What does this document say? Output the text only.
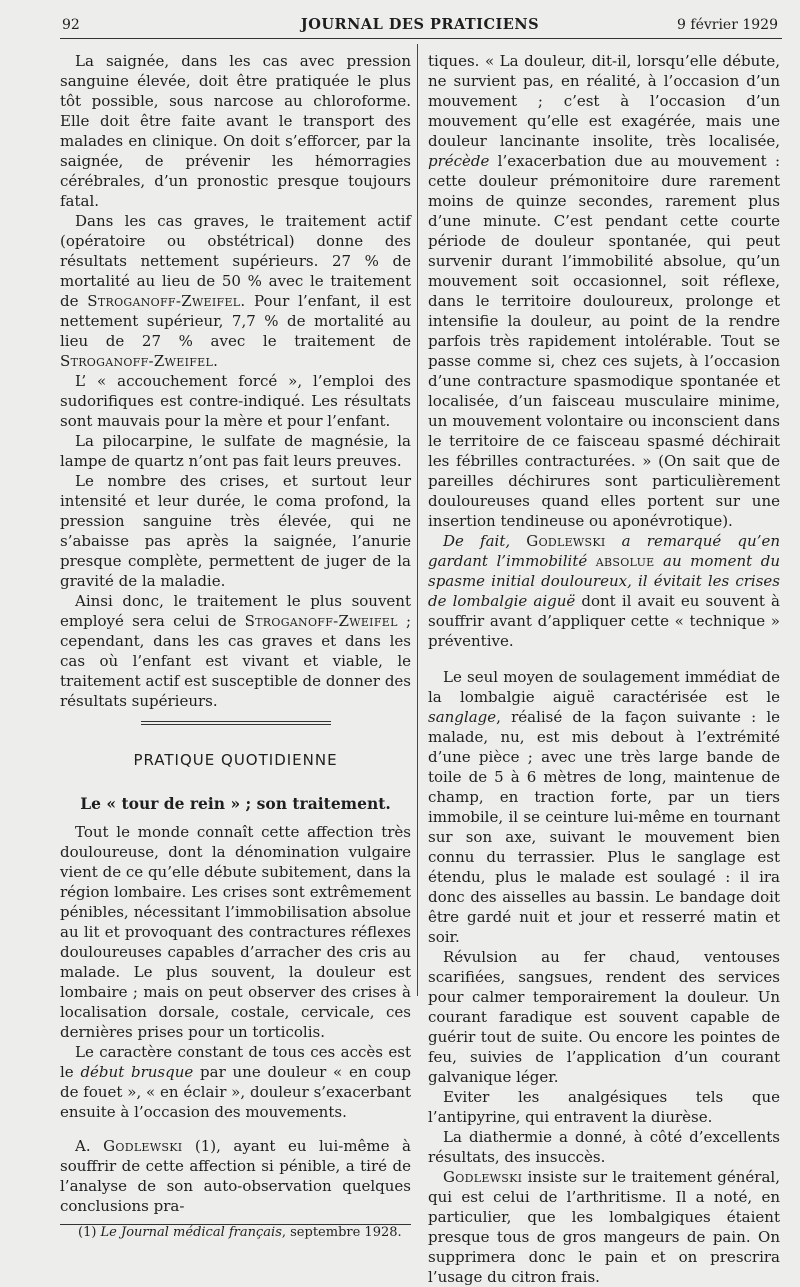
92	JOURNAL DES PRATICIENS	9 février 1929

La saignée, dans les cas avec pression sanguine élevée, doit être pratiquée le plus tôt possible, sous narcose au chloroforme. Elle doit être faite avant le transport des malades en clinique. On doit s’efforcer, par la saignée, de prévenir les hémorragies cérébrales, d’un pronostic presque toujours fatal.

Dans les cas graves, le traitement actif (opératoire ou obstétrical) donne des résultats nettement supérieurs. 27 % de mortalité au lieu de 50 % avec le traitement de Stroganoff-Zweifel. Pour l’enfant, il est nettement supérieur, 7,7 % de mortalité au lieu de 27 % avec le traitement de Stroganoff-Zweifel.

L’ « accouchement forcé », l’emploi des sudorifiques est contre-indiqué. Les résultats sont mauvais pour la mère et pour l’enfant.

La pilocarpine, le sulfate de magnésie, la lampe de quartz n’ont pas fait leurs preuves.

Le nombre des crises, et surtout leur intensité et leur durée, le coma profond, la pression sanguine très élevée, qui ne s’abaisse pas après la saignée, l’anurie presque complète, permettent de juger de la gravité de la maladie.

Ainsi donc, le traitement le plus souvent employé sera celui de Stroganoff-Zweifel ; cependant, dans les cas graves et dans les cas où l’enfant est vivant et viable, le traitement actif est susceptible de donner des résultats supérieurs.

PRATIQUE QUOTIDIENNE
Le « tour de rein » ; son traitement.

Tout le monde connaît cette affection très douloureuse, dont la dénomination vulgaire vient de ce qu’elle débute subitement, dans la région lombaire. Les crises sont extrêmement pénibles, nécessitant l’immobilisation absolue au lit et provoquant des contractures réflexes douloureuses capables d’arracher des cris au malade. Le plus souvent, la douleur est lombaire ; mais on peut observer des crises à localisation dorsale, costale, cervicale, ces dernières prises pour un torticolis.

Le caractère constant de tous ces accès est le début brusque par une douleur « en coup de fouet », « en éclair », douleur s’exacerbant ensuite à l’occasion des mouvements.

A. Godlewski (1), ayant eu lui-même à souffrir de cette affection si pénible, a tiré de l’analyse de son auto-observation quelques conclusions pra-

(1) Le Journal médical français, septembre 1928.

tiques. « La douleur, dit-il, lorsqu’elle débute, ne survient pas, en réalité, à l’occasion d’un mouvement ; c’est à l’occasion d’un mouvement qu’elle est exagérée, mais une douleur lancinante insolite, très localisée, précède l’exacerbation due au mouvement : cette douleur prémonitoire dure rarement moins de quinze secondes, rarement plus d’une minute. C’est pendant cette courte période de douleur spontanée, qui peut survenir durant l’immobilité absolue, qu’un mouvement soit occasionnel, soit réflexe, dans le territoire douloureux, prolonge et intensifie la douleur, au point de la rendre parfois très rapidement intolérable. Tout se passe comme si, chez ces sujets, à l’occasion d’une contracture spasmodique spontanée et localisée, d’un faisceau musculaire minime, un mouvement volontaire ou inconscient dans le territoire de ce faisceau spasmé déchirait les fébrilles contracturées. » (On sait que de pareilles déchirures sont particulièrement douloureuses quand elles portent sur une insertion tendineuse ou aponévrotique).

De fait, Godlewski a remarqué qu’en gardant l’immobilité absolue au moment du spasme initial douloureux, il évitait les crises de lombalgie aiguë dont il avait eu souvent à souffrir avant d’appliquer cette « technique » préventive.

Le seul moyen de soulagement immédiat de la lombalgie aiguë caractérisée est le sanglage, réalisé de la façon suivante : le malade, nu, est mis debout à l’extrémité d’une pièce ; avec une très large bande de toile de 5 à 6 mètres de long, maintenue de champ, en traction forte, par un tiers immobile, il se ceinture lui-même en tournant sur son axe, suivant le mouvement bien connu du terrassier. Plus le sanglage est étendu, plus le malade est soulagé : il ira donc des aisselles au bassin. Le bandage doit être gardé nuit et jour et resserré matin et soir.

Révulsion au fer chaud, ventouses scarifiées, sangsues, rendent des services pour calmer temporairement la douleur. Un courant faradique est souvent capable de guérir tout de suite. Ou encore les pointes de feu, suivies de l’application d’un courant galvanique léger.

Eviter les analgésiques tels que l’antipyrine, qui entravent la diurèse.

La diathermie a donné, à côté d’excellents résultats, des insuccès.

Godlewski insiste sur le traitement général, qui est celui de l’arthritisme. Il a noté, en particulier, que les lombalgiques étaient presque tous de gros mangeurs de pain. On supprimera donc le pain et on prescrira l’usage du citron frais.
